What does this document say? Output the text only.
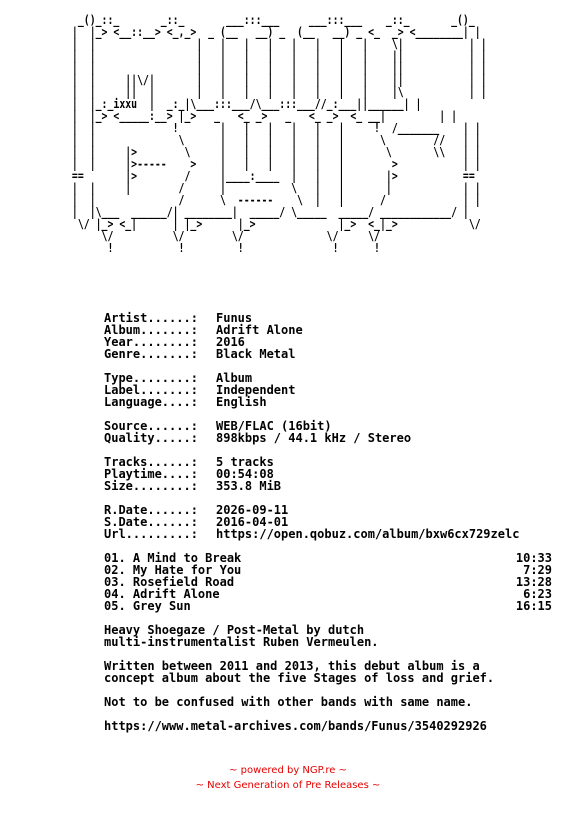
_()_::_       _::_       ___:::___     ___:::___    _::_       _()_
|  |_> <__::__> <_,_>  _ (__   __) _  (__   __) _ <_  _> <________| |
|  |                 |   |   |   |   |   |   |   |    \|           | |
|  |                 |   |   |   |   |   |   |   |    ||           | |
|  |                 |   |   |   |   |   |   |   |    ||           | |
|  |     ||\/|       |   |   |   |   |   |   |   |    ||           | |
|  |     ||  |       |   |   |   |   |   |   |   |    |\           | |
|  |_:_ixxu  |  _:_|\___:::___/\___:::___//_:___||______| |
|  |_> <_____:__> |_>   _   <_ _>   _   <_ _>  <_ __|         | |
|  |             !       |   |   |   |   |   |     !  /_______    | |
|  |              \      |   |   |   |   |   |      \        //   | |
|  |     |>        \     |   |   |   |   |   |       \       \\   | |
|  |     |>-----    >    |   |   |   |   |   |        >           | |
==       |>        /     |____:____  |   |   |       |>           ==
|  |     |        /      |           \   |   |       |            | |
|  |              /      \  ------    \  |   |      /             | |
|  |\___  ______/| ________|  _____/ \_____  _____/ ____________/ |
\/ |_> <_|      | |_>      |_>              |_>  <_|_>            \/
\/          \/        \/              \/     \/
!           !         !               !      !
Artist......:	Funus
Album.......:	Adrift Alone
Year........:	2016
Genre.......:	Black Metal
Type........:	Album
Label.......:	Independent
Language....:	English
Source......:	WEB/FLAC (16bit)
Quality.....:	898kbps / 44.1 kHz / Stereo
Tracks......:	5 tracks
Playtime....:	00:54:08
Size........:	353.8 MiB
R.Date......:	2026-09-11
S.Date......:	2016-04-01
Url.........:	https://open.qobuz.com/album/bxw6cx729zelc
01. A Mind to Break	10:33
02. My Hate for You	7:29
03. Rosefield Road	13:28
04. Adrift Alone	6:23
05. Grey Sun	16:15
Heavy Shoegaze / Post-Metal by dutch
multi-instrumentalist Ruben Vermeulen.
Written between 2011 and 2013, this debut album is a
concept album about the five Stages of loss and grief.
Not to be confused with other bands with same name.
https://www.metal-archives.com/bands/Funus/3540292926
~ powered by NGP.re ~
~ Next Generation of Pre Releases ~
